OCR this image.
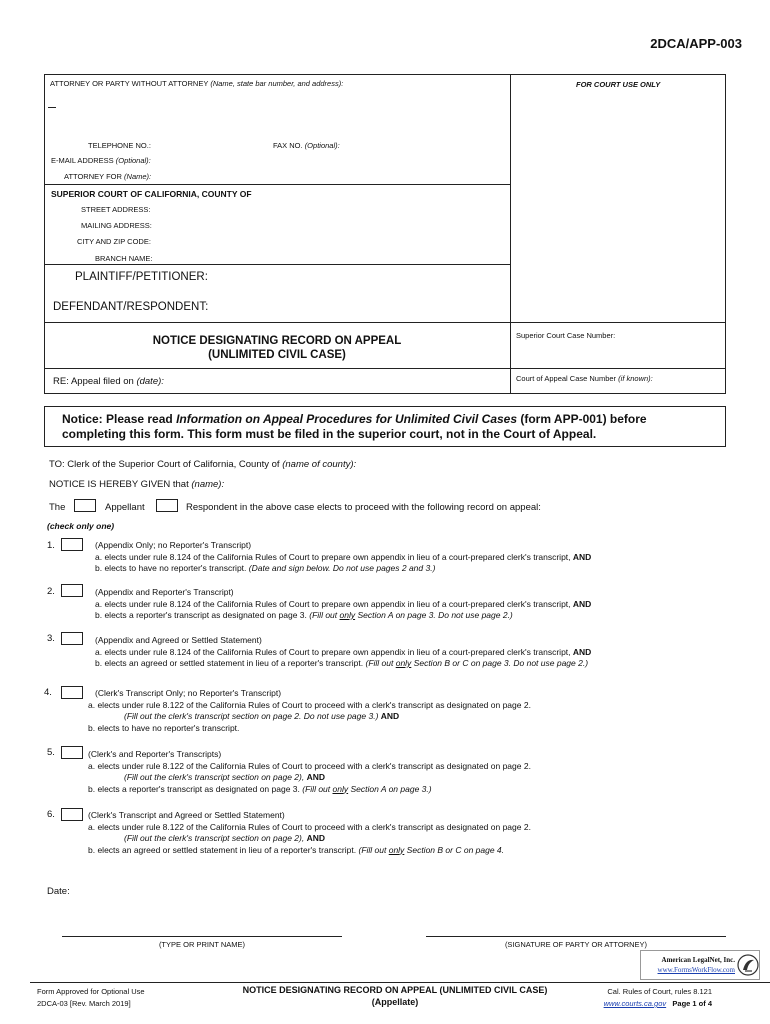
2DCA/APP-003
ATTORNEY OR PARTY WITHOUT ATTORNEY (Name, state bar number, and address):	FOR COURT USE ONLY
TELEPHONE NO.:	FAX NO. (Optional):
E-MAIL ADDRESS (Optional):
ATTORNEY FOR (Name):
SUPERIOR COURT OF CALIFORNIA, COUNTY OF
STREET ADDRESS:
MAILING ADDRESS:
CITY AND ZIP CODE:
BRANCH NAME:
PLAINTIFF/PETITIONER:
DEFENDANT/RESPONDENT:
NOTICE DESIGNATING RECORD ON APPEAL
(UNLIMITED CIVIL CASE)
Superior Court Case Number:
RE: Appeal filed on (date):	Court of Appeal Case Number (if known):
Notice: Please read Information on Appeal Procedures for Unlimited Civil Cases (form APP-001) before
completing this form. This form must be filed in the superior court, not in the Court of Appeal.
TO: Clerk of the Superior Court of California, County of (name of county):
NOTICE IS HEREBY GIVEN that (name):
The	Appellant	Respondent in the above case elects to proceed with the following record on appeal:
(check only one)
1.	(Appendix Only; no Reporter's Transcript)
a. elects under rule 8.124 of the California Rules of Court to prepare own appendix in lieu of a court-prepared clerk's transcript, AND
b. elects to have no reporter's transcript. (Date and sign below. Do not use pages 2 and 3.)
2.	(Appendix and Reporter's Transcript)
a. elects under rule 8.124 of the California Rules of Court to prepare own appendix in lieu of a court-prepared clerk's transcript, AND
b. elects a reporter's transcript as designated on page 3. (Fill out only Section A on page 3. Do not use page 2.)
3.	(Appendix and Agreed or Settled Statement)
a. elects under rule 8.124 of the California Rules of Court to prepare own appendix in lieu of a court-prepared clerk's transcript, AND
b. elects an agreed or settled statement in lieu of a reporter's transcript. (Fill out only Section B or C on page 3. Do not use page 2.)
4.	(Clerk's Transcript Only; no Reporter's Transcript)
a. elects under rule 8.122 of the California Rules of Court to proceed with a clerk's transcript as designated on page 2.
(Fill out the clerk's transcript section on page 2. Do not use page 3.) AND
b. elects to have no reporter's transcript.
5.	(Clerk's and Reporter's Transcripts)
a. elects under rule 8.122 of the California Rules of Court to proceed with a clerk's transcript as designated on page 2.
(Fill out the clerk's transcript section on page 2), AND
b. elects a reporter's transcript as designated on page 3. (Fill out only Section A on page 3.)
6.	(Clerk's Transcript and Agreed or Settled Statement)
a. elects under rule 8.122 of the California Rules of Court to proceed with a clerk's transcript as designated on page 2.
(Fill out the clerk's transcript section on page 2), AND
b. elects an agreed or settled statement in lieu of a reporter's transcript. (Fill out only Section B or C on page 4.
Date:
(TYPE OR PRINT NAME)	(SIGNATURE OF PARTY OR ATTORNEY)
American LegalNet, Inc.
www.FormsWorkFlow.com
Form Approved for Optional Use
2DCA-03 [Rev. March 2019]
NOTICE DESIGNATING RECORD ON APPEAL (UNLIMITED CIVIL CASE)
(Appellate)
Cal. Rules of Court, rules 8.121
www.courts.ca.gov Page 1 of 4
